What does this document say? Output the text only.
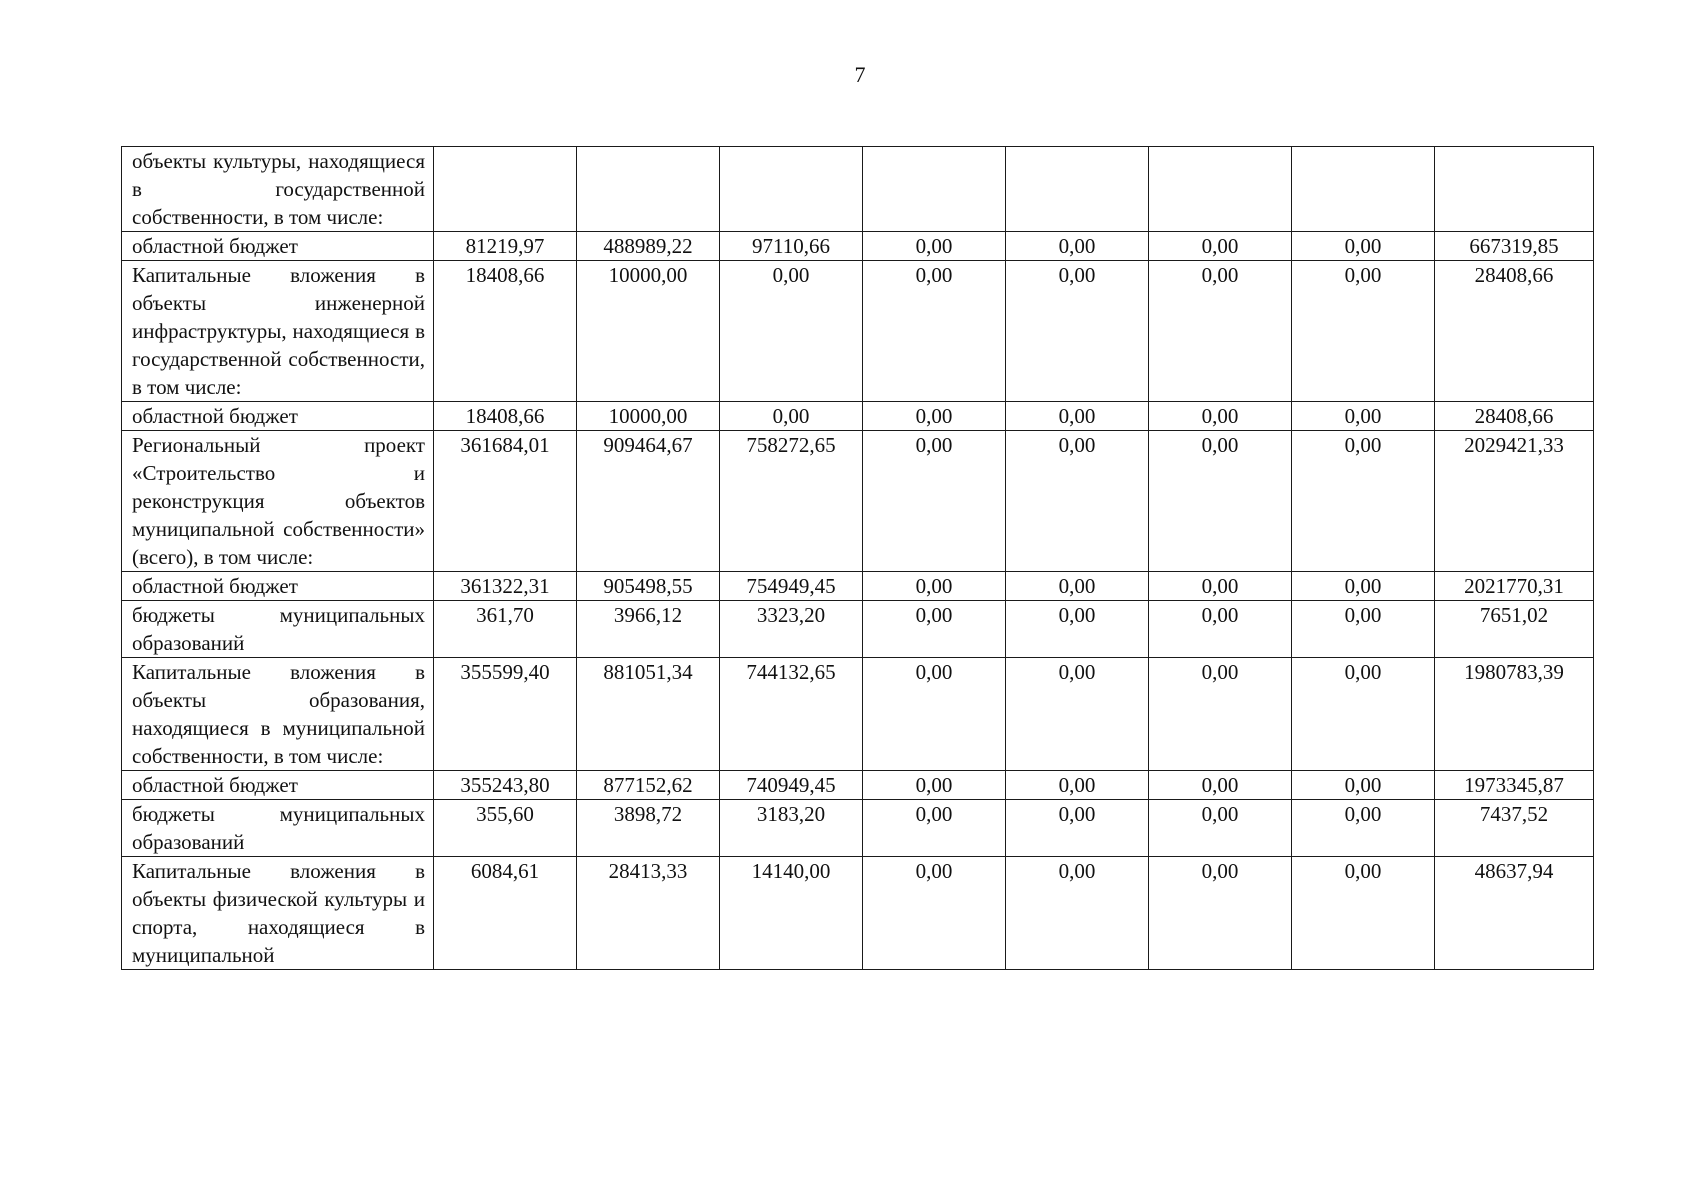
7
объекты культуры, находящиеся в государственной собственности, в том числе:								
областной бюджет	81219,97	488989,22	97110,66	0,00	0,00	0,00	0,00	667319,85
Капитальные вложения в объекты инженерной инфраструктуры, находящиеся в государственной собственности, в том числе:	18408,66	10000,00	0,00	0,00	0,00	0,00	0,00	28408,66
областной бюджет	18408,66	10000,00	0,00	0,00	0,00	0,00	0,00	28408,66
Региональный проект «Строительство и реконструкция объектов муниципальной собственности» (всего), в том числе:	361684,01	909464,67	758272,65	0,00	0,00	0,00	0,00	2029421,33
областной бюджет	361322,31	905498,55	754949,45	0,00	0,00	0,00	0,00	2021770,31
бюджеты муниципальных образований	361,70	3966,12	3323,20	0,00	0,00	0,00	0,00	7651,02
Капитальные вложения в объекты образования, находящиеся в муниципальной собственности, в том числе:	355599,40	881051,34	744132,65	0,00	0,00	0,00	0,00	1980783,39
областной бюджет	355243,80	877152,62	740949,45	0,00	0,00	0,00	0,00	1973345,87
бюджеты муниципальных образований	355,60	3898,72	3183,20	0,00	0,00	0,00	0,00	7437,52
Капитальные вложения в объекты физической культуры и спорта, находящиеся в муниципальной	6084,61	28413,33	14140,00	0,00	0,00	0,00	0,00	48637,94
